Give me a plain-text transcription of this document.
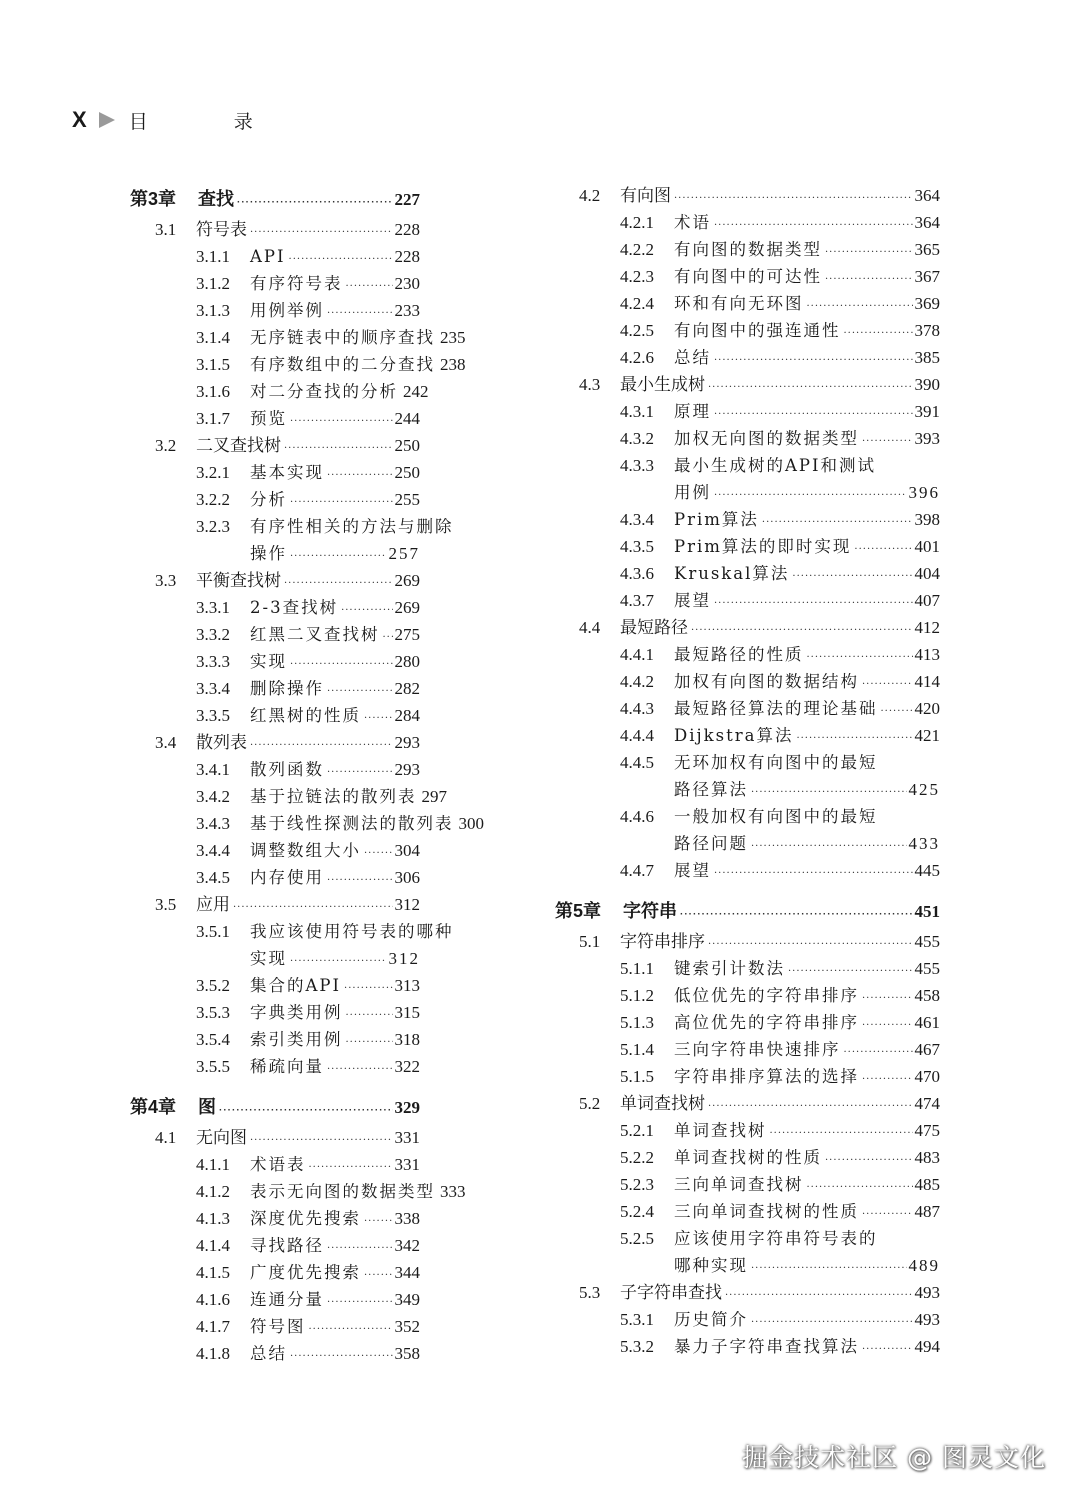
X 目 录
第3章 查找 ·····	227
3.1 符号表 ·····	228
3.1.1 API ·····	228
3.1.2 有序符号表 ·····	230
3.1.3 用例举例 ·····	233
3.1.4 无序链表中的顺序查找 235
3.1.5 有序数组中的二分查找 238
3.1.6 对二分查找的分析 242
3.1.7 预览 ·····	244
3.2 二叉查找树 ·····	250
3.2.1 基本实现 ·····	250
3.2.2 分析 ·····	255
3.2.3 有序性相关的方法与删除
操作 ·····	257
3.3 平衡查找树 ·····	269
3.3.1 2-3查找树 ·····	269
3.3.2 红黑二叉查找树 ····· 275
3.3.3 实现 ·····	280
3.3.4 删除操作 ·····	282
3.3.5 红黑树的性质 ····· 284
3.4 散列表 ·····	293
3.4.1 散列函数 ·····	293
3.4.2 基于拉链法的散列表 297
3.4.3 基于线性探测法的散列表 300
3.4.4 调整数组大小 ····· 304
3.4.5 内存使用 ·····	306
3.5 应用 ·····	312
3.5.1 我应该使用符号表的哪种
实现 ·····	312
3.5.2 集合的API ·····	313
3.5.3 字典类用例 ·····	315
3.5.4 索引类用例 ·····	318
3.5.5 稀疏向量 ·····	322
第4章 图 ·····	329
4.1 无向图 ·····	331
4.1.1 术语表 ·····	331
4.1.2 表示无向图的数据类型 333
4.1.3 深度优先搜索 ····· 338
4.1.4 寻找路径 ·····	342
4.1.5 广度优先搜索 ····· 344
4.1.6 连通分量 ·····	349
4.1.7 符号图 ·····	352
4.1.8 总结 ·····	358
4.2 有向图 ·····	364
4.2.1 术语 ·····	364
4.2.2 有向图的数据类型 ·····	365
4.2.3 有向图中的可达性 ·····	367
4.2.4 环和有向无环图 ·····	369
4.2.5 有向图中的强连通性 ·····	378
4.2.6 总结 ·····	385
4.3 最小生成树 ·····	390
4.3.1 原理 ·····	391
4.3.2 加权无向图的数据类型 ·····	393
4.3.3 最小生成树的API和测试
用例 ·····	396
4.3.4 Prim算法 ·····	398
4.3.5 Prim算法的即时实现 ·····	401
4.3.6 Kruskal算法 ·····	404
4.3.7 展望 ·····	407
4.4 最短路径 ·····	412
4.4.1 最短路径的性质 ·····	413
4.4.2 加权有向图的数据结构 ·····	414
4.4.3 最短路径算法的理论基础 ····· 420
4.4.4 Dijkstra算法 ·····	421
4.4.5 无环加权有向图中的最短
路径算法 ·····	425
4.4.6 一般加权有向图中的最短
路径问题 ·····	433
4.4.7 展望 ·····	445
第5章 字符串 ·····	451
5.1 字符串排序 ·····	455
5.1.1 键索引计数法 ·····	455
5.1.2 低位优先的字符串排序 ·····	458
5.1.3 高位优先的字符串排序 ·····	461
5.1.4 三向字符串快速排序 ·····	467
5.1.5 字符串排序算法的选择 ·····	470
5.2 单词查找树 ·····	474
5.2.1 单词查找树 ·····	475
5.2.2 单词查找树的性质 ·····	483
5.2.3 三向单词查找树 ·····	485
5.2.4 三向单词查找树的性质 ·····	487
5.2.5 应该使用字符串符号表的
哪种实现 ·····	489
5.3 子字符串查找 ·····	493
5.3.1 历史简介 ·····	493
5.3.2 暴力子字符串查找算法 ·····	494
掘金技术社区 @ 图灵文化
